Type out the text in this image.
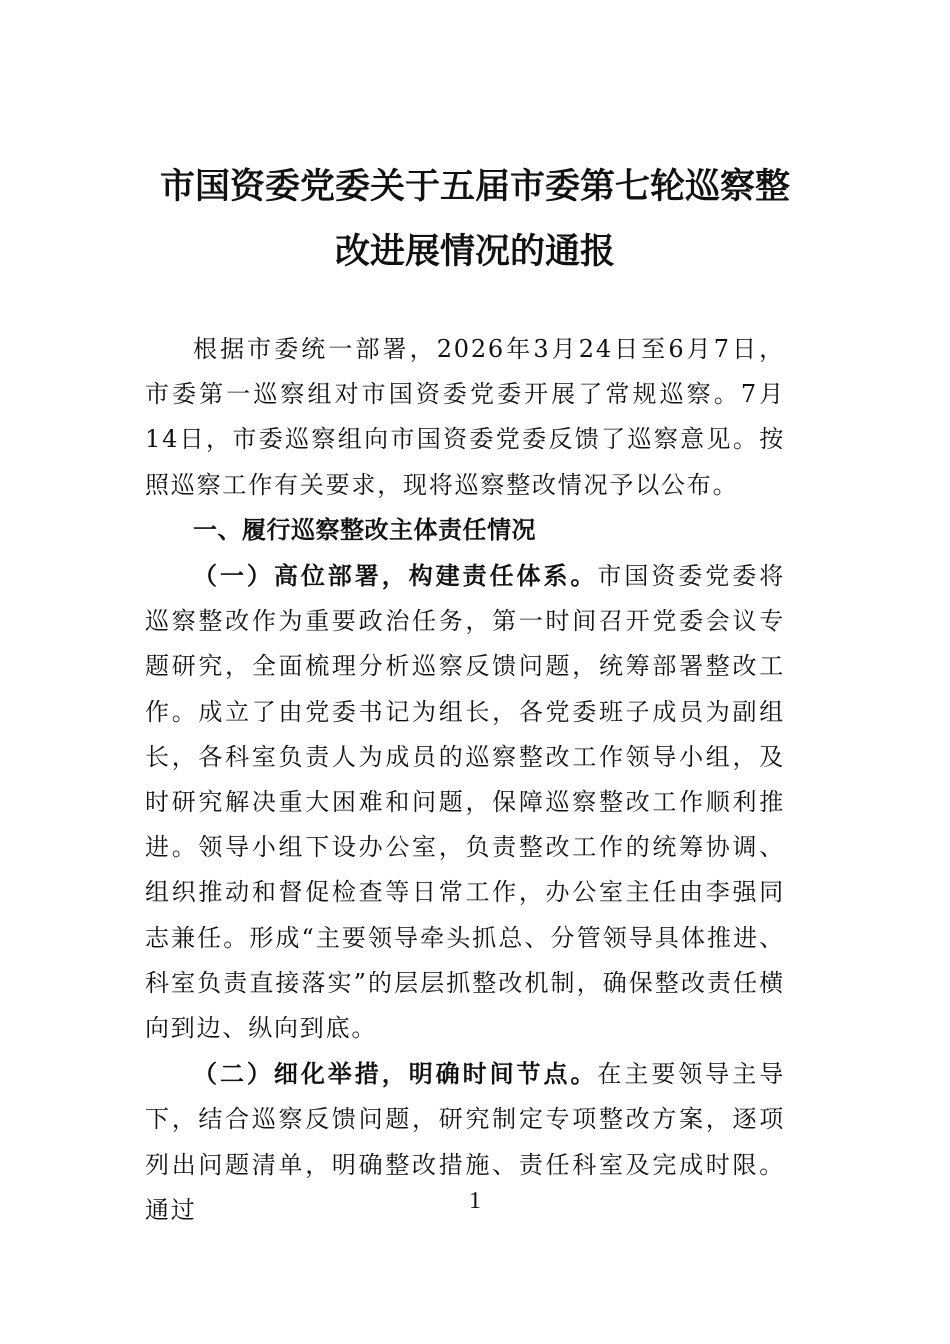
市国资委党委关于五届市委第七轮巡察整
改进展情况的通报

根据市委统一部署，2026年3月24日至6月7日，市委第一巡察组对市国资委党委开展了常规巡察。7月14日，市委巡察组向市国资委党委反馈了巡察意见。按照巡察工作有关要求，现将巡察整改情况予以公布。

一、履行巡察整改主体责任情况

（一）高位部署，构建责任体系。市国资委党委将巡察整改作为重要政治任务，第一时间召开党委会议专题研究，全面梳理分析巡察反馈问题，统筹部署整改工作。成立了由党委书记为组长，各党委班子成员为副组长，各科室负责人为成员的巡察整改工作领导小组，及时研究解决重大困难和问题，保障巡察整改工作顺利推进。领导小组下设办公室，负责整改工作的统筹协调、组织推动和督促检查等日常工作，办公室主任由李强同志兼任。形成“主要领导牵头抓总、分管领导具体推进、科室负责直接落实”的层层抓整改机制，确保整改责任横向到边、纵向到底。

（二）细化举措，明确时间节点。在主要领导主导下，结合巡察反馈问题，研究制定专项整改方案，逐项列出问题清单，明确整改措施、责任科室及完成时限。通过	1
